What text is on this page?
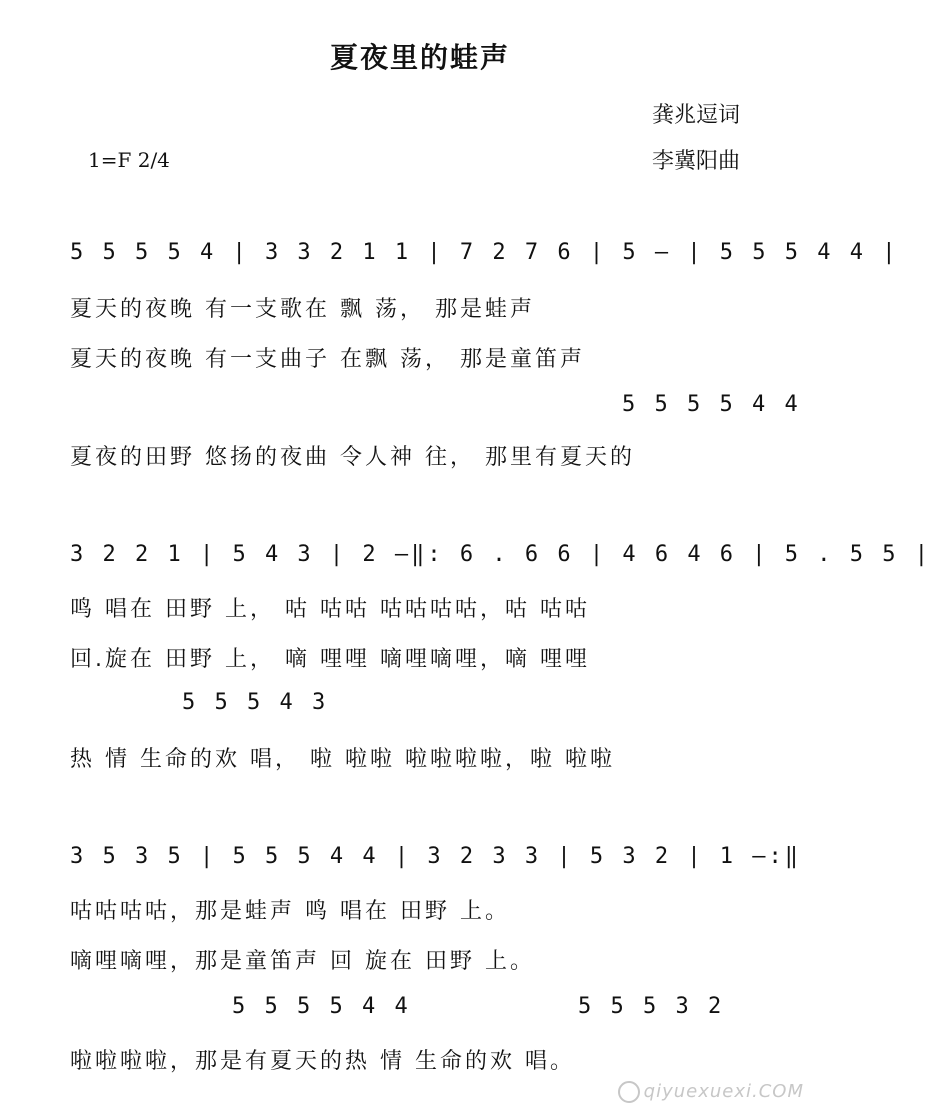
夏夜里的蛙声
龚兆逗词
李冀阳曲
1=F 2/4
5 5 5 5 4 | 3 3 2 1 1 | 7 2 7 6 | 5 — | 5 5 5 4 4 |
夏天的夜晚 有一支歌在 飘 荡， 那是蛙声
夏天的夜晚 有一支曲子 在飘 荡， 那是童笛声
5 5 5 5 4 4
夏夜的田野 悠扬的夜曲 令人神 往， 那里有夏天的
3 2 2 1 | 5 4 3 | 2 —‖: 6 . 6 6 | 4 6 4 6 | 5 . 5 5 |
鸣 唱在 田野 上， 咕 咕咕 咕咕咕咕，咕 咕咕
回.旋在 田野 上， 嘀 哩哩 嘀哩嘀哩，嘀 哩哩
5 5 5 4 3
热 情 生命的欢 唱， 啦 啦啦 啦啦啦啦，啦 啦啦
3 5 3 5 | 5 5 5 4 4 | 3 2 3 3 | 5 3 2 | 1 —:‖
咕咕咕咕，那是蛙声 鸣 唱在 田野 上。
嘀哩嘀哩，那是童笛声 回 旋在 田野 上。
5 5 5 5 4 4	5 5 5 3 2
啦啦啦啦，那是有夏天的热 情 生命的欢 唱。
qiyuexuexi.COM
